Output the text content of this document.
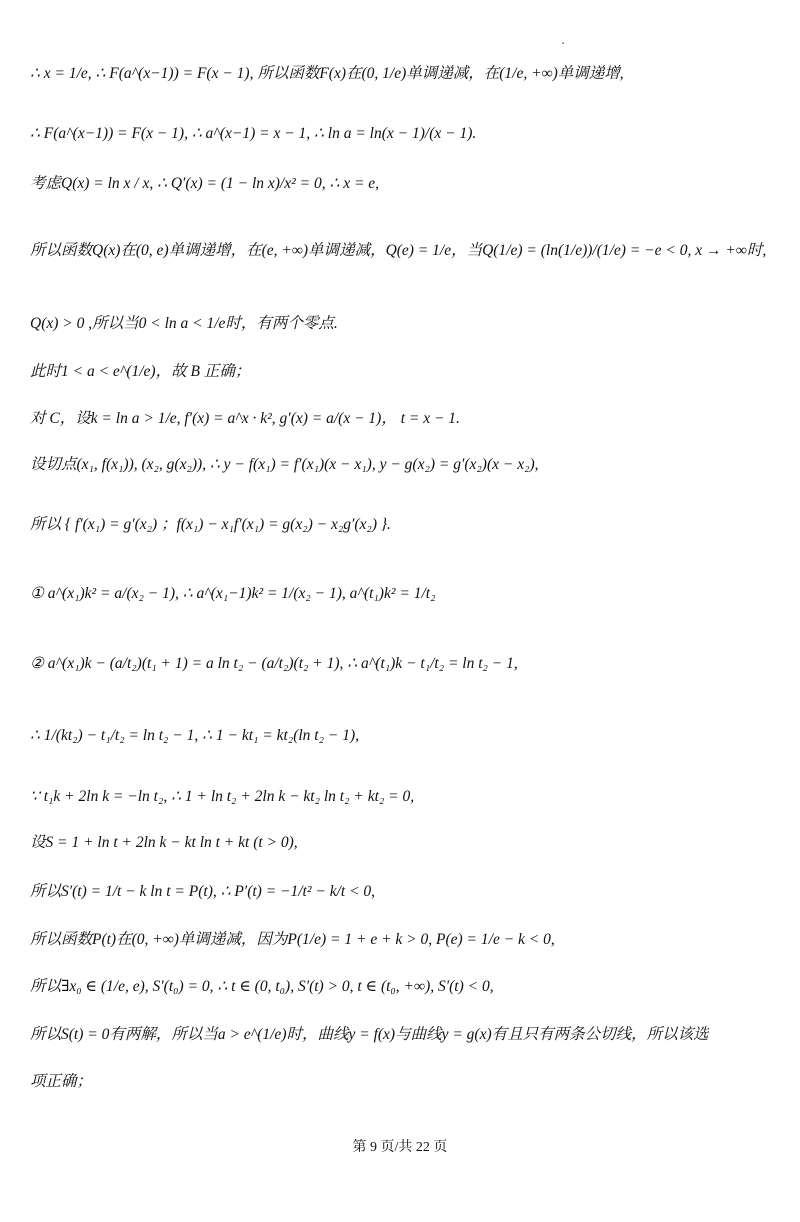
∴ x = 1/e, ∴ F(a^(x−1)) = F(x − 1), 所以函数F(x)在(0, 1/e)单调递减，在(1/e, +∞)单调递增,
∴ F(a^(x−1)) = F(x − 1), ∴ a^(x−1) = x − 1, ∴ ln a = ln(x − 1)/(x − 1).
考虑Q(x) = ln x / x, ∴ Q′(x) = (1 − ln x)/x² = 0, ∴ x = e,
所以函数Q(x)在(0, e)单调递增，在(e, +∞)单调递减，Q(e) = 1/e，当Q(1/e) = (ln(1/e))/(1/e) = −e < 0, x → +∞时,
Q(x) > 0 ,所以当0 < ln a < 1/e时，有两个零点.
此时1 < a < e^(1/e)，故 B 正确；
对 C，设k = ln a > 1/e, f′(x) = a^x · k², g′(x) = a/(x − 1)， t = x − 1.
设切点(x₁, f(x₁)), (x₂, g(x₂)), ∴ y − f(x₁) = f′(x₁)(x − x₁), y − g(x₂) = g′(x₂)(x − x₂),
所以 { f′(x₁) = g′(x₂) ；f(x₁) − x₁f′(x₁) = g(x₂) − x₂g′(x₂) }.
① a^(x₁)k² = a/(x₂ − 1), ∴ a^(x₁−1)k² = 1/(x₂ − 1), a^(t₁)k² = 1/t₂
② a^(x₁)k − (a/t₂)(t₁ + 1) = a ln t₂ − (a/t₂)(t₂ + 1), ∴ a^(t₁)k − t₁/t₂ = ln t₂ − 1,
∴ 1/(kt₂) − t₁/t₂ = ln t₂ − 1, ∴ 1 − kt₁ = kt₂(ln t₂ − 1),
∵ t₁k + 2ln k = −ln t₂, ∴ 1 + ln t₂ + 2ln k − kt₂ ln t₂ + kt₂ = 0,
设S = 1 + ln t + 2ln k − kt ln t + kt (t > 0),
所以S′(t) = 1/t − k ln t = P(t), ∴ P′(t) = −1/t² − k/t < 0,
所以函数P(t)在(0, +∞)单调递减，因为P(1/e) = 1 + e + k > 0, P(e) = 1/e − k < 0,
所以∃x₀ ∈ (1/e, e), S′(t₀) = 0, ∴ t ∈ (0, t₀), S′(t) > 0, t ∈ (t₀, +∞), S′(t) < 0,
所以S(t) = 0有两解，所以当a > e^(1/e)时，曲线y = f(x)与曲线y = g(x)有且只有两条公切线，所以该选
项正确；
第 9 页/共 22 页
